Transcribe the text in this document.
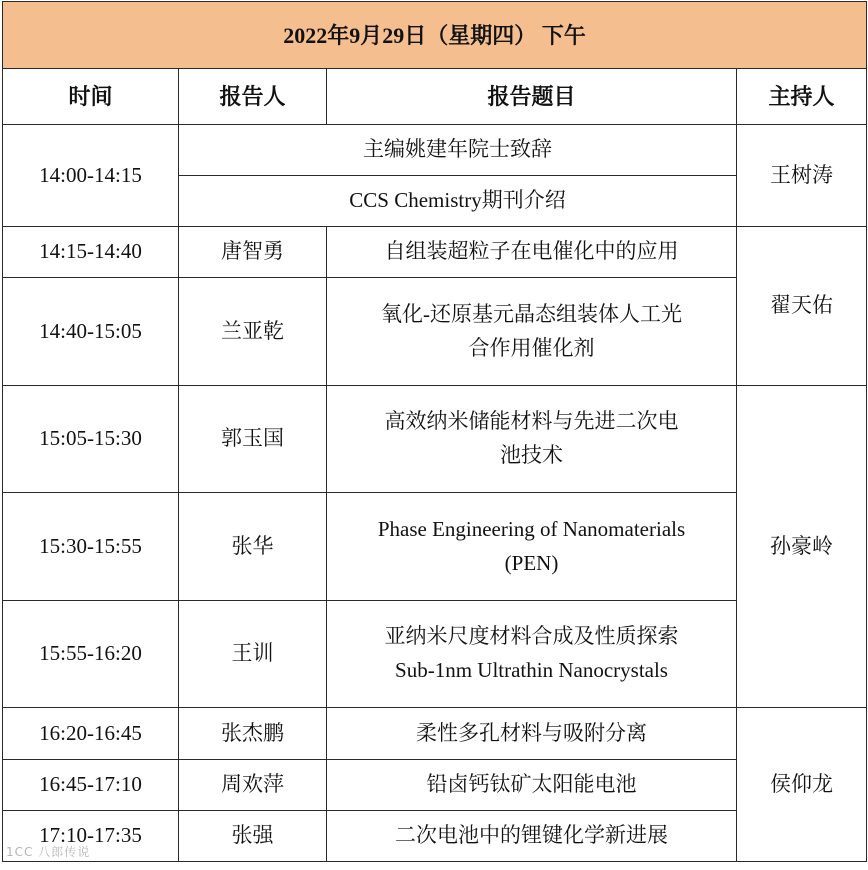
2022年9月29日（星期四） 下午			
时间	报告人	报告题目	主持人
14:00-14:15	主编姚建年院士致辞		王树涛
	CCS Chemistry期刊介绍		
14:15-14:40	唐智勇	自组装超粒子在电催化中的应用	翟天佑
14:40-15:05	兰亚乾	氧化-还原基元晶态组装体人工光
合作用催化剂	

15:05-15:30	郭玉国	高效纳米储能材料与先进二次电
池技术	孙豪岭
15:30-15:55	张华	Phase Engineering of Nanomaterials
(PEN)	

15:55-16:20	王训	亚纳米尺度材料合成及性质探索
Sub-1nm Ultrathin Nanocrystals	

16:20-16:45	张杰鹏	柔性多孔材料与吸附分离	侯仰龙
16:45-17:10	周欢萍	铅卤钙钛矿太阳能电池	
17:10-17:35	张强	二次电池中的锂键化学新进展	
1CC 八郎传说
